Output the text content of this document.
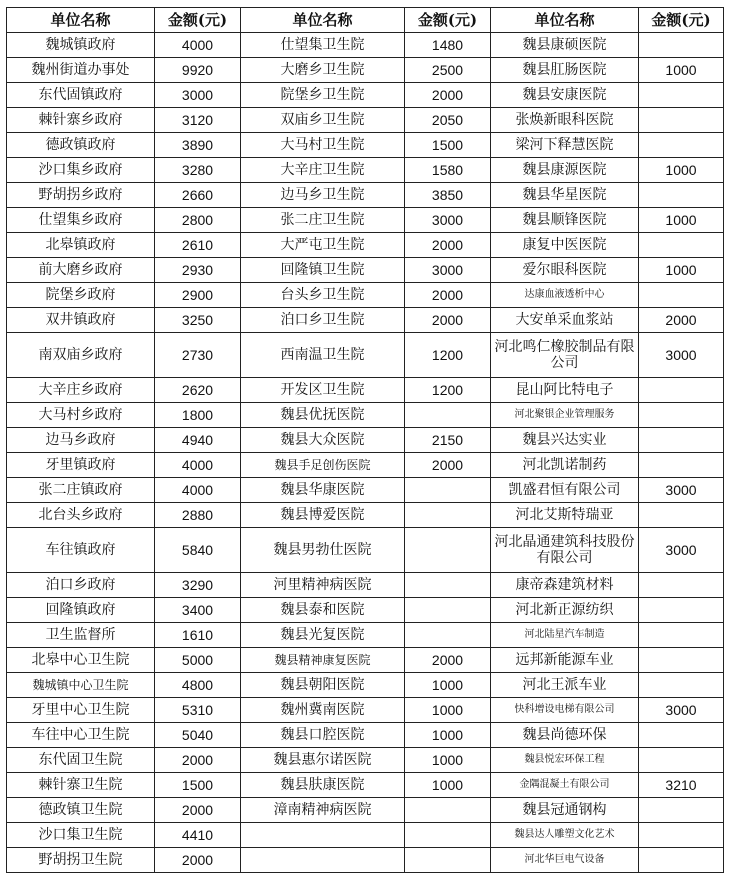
单位名称	金额(元)	单位名称	金额(元)	单位名称	金额(元)
魏城镇政府	4000	仕望集卫生院	1480	魏县康硕医院	
魏州街道办事处	9920	大磨乡卫生院	2500	魏县肛肠医院	1000
东代固镇政府	3000	院堡乡卫生院	2000	魏县安康医院	
棘针寨乡政府	3120	双庙乡卫生院	2050	张焕新眼科医院	
德政镇政府	3890	大马村卫生院	1500	梁河下释慧医院	
沙口集乡政府	3280	大辛庄卫生院	1580	魏县康源医院	1000
野胡拐乡政府	2660	边马乡卫生院	3850	魏县华星医院	
仕望集乡政府	2800	张二庄卫生院	3000	魏县顺锋医院	1000
北皋镇政府	2610	大严屯卫生院	2000	康复中医医院	
前大磨乡政府	2930	回隆镇卫生院	3000	爱尔眼科医院	1000
院堡乡政府	2900	台头乡卫生院	2000	达康血液透析中心	
双井镇政府	3250	泊口乡卫生院	2000	大安单采血浆站	2000
南双庙乡政府	2730	西南温卫生院	1200	河北鸣仁橡胶制品有限公司	3000
大辛庄乡政府	2620	开发区卫生院	1200	昆山阿比特电子	
大马村乡政府	1800	魏县优抚医院		河北聚银企业管理服务	
边马乡政府	4940	魏县大众医院	2150	魏县兴达实业	
牙里镇政府	4000	魏县手足创伤医院	2000	河北凯诺制药	
张二庄镇政府	4000	魏县华康医院		凯盛君恒有限公司	3000
北台头乡政府	2880	魏县博爱医院		河北艾斯特瑞亚	
车往镇政府	5840	魏县男勃仕医院		河北晶通建筑科技股份有限公司	3000
泊口乡政府	3290	河里精神病医院		康帝森建筑材料	
回隆镇政府	3400	魏县泰和医院		河北新正源纺织	
卫生监督所	1610	魏县光复医院		河北陆星汽车制造	
北皋中心卫生院	5000	魏县精神康复医院	2000	远邦新能源车业	
魏城镇中心卫生院	4800	魏县朝阳医院	1000	河北王派车业	
牙里中心卫生院	5310	魏州冀南医院	1000	快科增设电梯有限公司	3000
车往中心卫生院	5040	魏县口腔医院	1000	魏县尚德环保	
东代固卫生院	2000	魏县惠尔诺医院	1000	魏县悦宏环保工程	
棘针寨卫生院	1500	魏县肤康医院	1000	金隅混凝土有限公司	3210
德政镇卫生院	2000	漳南精神病医院		魏县冠通钢构	
沙口集卫生院	4410			魏县达人雕塑文化艺术	
野胡拐卫生院	2000			河北华巨电气设备	
